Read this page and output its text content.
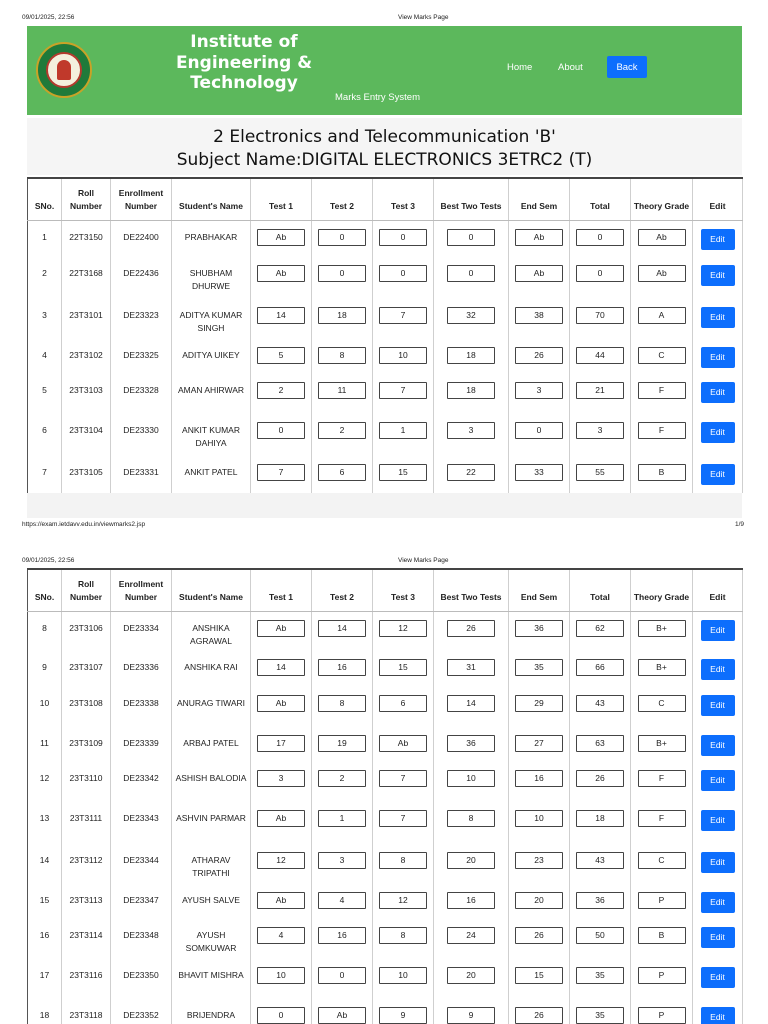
09/01/2025, 22:56	View Marks Page
Institute of
Engineering &
Technology
Marks Entry System
Home	About	Back
2 Electronics and Telecommunication 'B'
Subject Name:DIGITAL ELECTRONICS 3ETRC2 (T)
SNo.	Roll Number	Enrollment Number	Student's Name	Test 1	Test 2	Test 3	Best Two Tests	End Sem	Total	Theory Grade	Edit
1	22T3150	DE22400	PRABHAKAR	Ab	0	0	0	Ab	0	Ab	Edit
2	22T3168	DE22436	SHUBHAM DHURWE	Ab	0	0	0	Ab	0	Ab	Edit
3	23T3101	DE23323	ADITYA KUMAR SINGH	14	18	7	32	38	70	A	Edit
4	23T3102	DE23325	ADITYA UIKEY	5	8	10	18	26	44	C	Edit
5	23T3103	DE23328	AMAN AHIRWAR	2	11	7	18	3	21	F	Edit
6	23T3104	DE23330	ANKIT KUMAR DAHIYA	0	2	1	3	0	3	F	Edit
7	23T3105	DE23331	ANKIT PATEL	7	6	15	22	33	55	B	Edit
https://exam.ietdavv.edu.in/viewmarks2.jsp	1/9
09/01/2025, 22:56	View Marks Page
SNo.	Roll Number	Enrollment Number	Student's Name	Test 1	Test 2	Test 3	Best Two Tests	End Sem	Total	Theory Grade	Edit
8	23T3106	DE23334	ANSHIKA AGRAWAL	Ab	14	12	26	36	62	B+	Edit
9	23T3107	DE23336	ANSHIKA RAI	14	16	15	31	35	66	B+	Edit
10	23T3108	DE23338	ANURAG TIWARI	Ab	8	6	14	29	43	C	Edit
11	23T3109	DE23339	ARBAJ PATEL	17	19	Ab	36	27	63	B+	Edit
12	23T3110	DE23342	ASHISH BALODIA	3	2	7	10	16	26	F	Edit
13	23T3111	DE23343	ASHVIN PARMAR	Ab	1	7	8	10	18	F	Edit
14	23T3112	DE23344	ATHARAV TRIPATHI	12	3	8	20	23	43	C	Edit
15	23T3113	DE23347	AYUSH SALVE	Ab	4	12	16	20	36	P	Edit
16	23T3114	DE23348	AYUSH SOMKUWAR	4	16	8	24	26	50	B	Edit
17	23T3116	DE23350	BHAVIT MISHRA	10	0	10	20	15	35	P	Edit
18	23T3118	DE23352	BRIJENDRA	0	Ab	9	9	26	35	P	Edit
